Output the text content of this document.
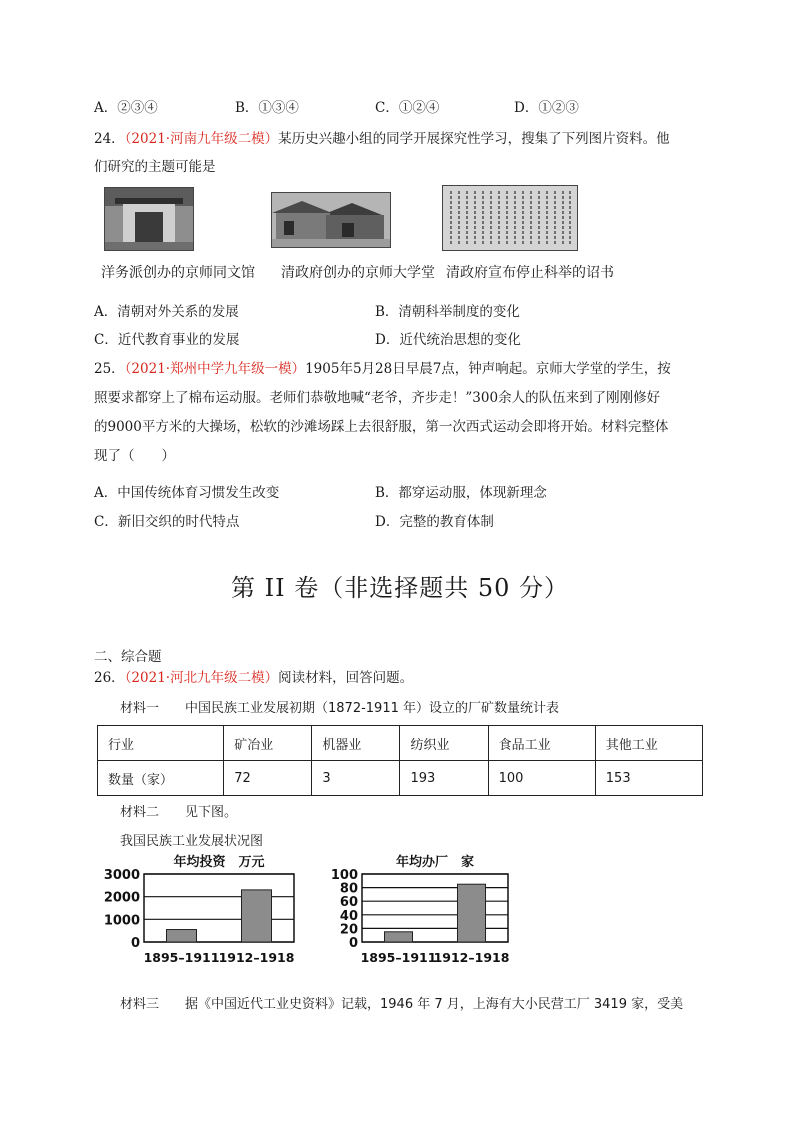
A．②③④	B．①③④	C．①②④	D．①②③
24．（2021·河南九年级二模）某历史兴趣小组的同学开展探究性学习，搜集了下列图片资料。他
们研究的主题可能是
洋务派创办的京师同文馆 清政府创办的京师大学堂 清政府宣布停止科举的诏书
A．清朝对外关系的发展	B．清朝科举制度的变化
C．近代教育事业的发展	D．近代统治思想的变化
25．（2021·郑州中学九年级一模）1905年5月28日早晨7点，钟声响起。京师大学堂的学生，按
照要求都穿上了棉布运动服。老师们恭敬地喊“老爷，齐步走！”300余人的队伍来到了刚刚修好
的9000平方米的大操场，松软的沙滩场踩上去很舒服，第一次西式运动会即将开始。材料完整体
现了（　　）
A．中国传统体育习惯发生改变	B．都穿运动服，体现新理念
C．新旧交织的时代特点	D．完整的教育体制
第 II 卷（非选择题共 50 分）
二、综合题
26．（2021·河北九年级二模）阅读材料，回答问题。
材料一　　中国民族工业发展初期（1872-1911 年）设立的厂矿数量统计表
行业	矿冶业	机器业	纺织业	食品工业	其他工业
数量（家）	72	3	193	100	153
材料二　　见下图。
我国民族工业发展状况图
年均投资　万元
0
1000
2000
3000
1895–1911 1912–1918
年均办厂　家
0
20
40
60
80
100
1895–1911
1912–1918
材料三　　据《中国近代工业史资料》记载，1946 年 7 月，上海有大小民营工厂 3419 家，受美
